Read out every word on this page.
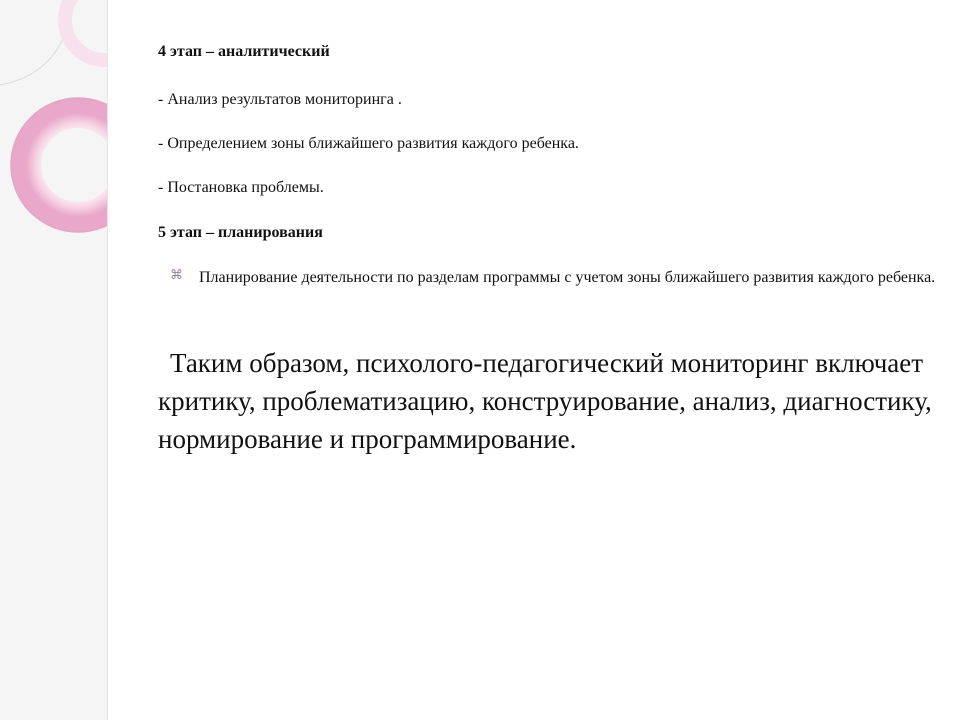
4 этап – аналитический

- Анализ результатов мониторинга .

- Определением зоны ближайшего развития каждого ребенка.

- Постановка проблемы.

5 этап – планирования

⌘ Планирование деятельности по разделам программы с учетом зоны ближайшего развития каждого ребенка.
Таким образом, психолого-педагогический мониторинг включает критику, проблематизацию, конструирование, анализ, диагностику, нормирование и программирование.
